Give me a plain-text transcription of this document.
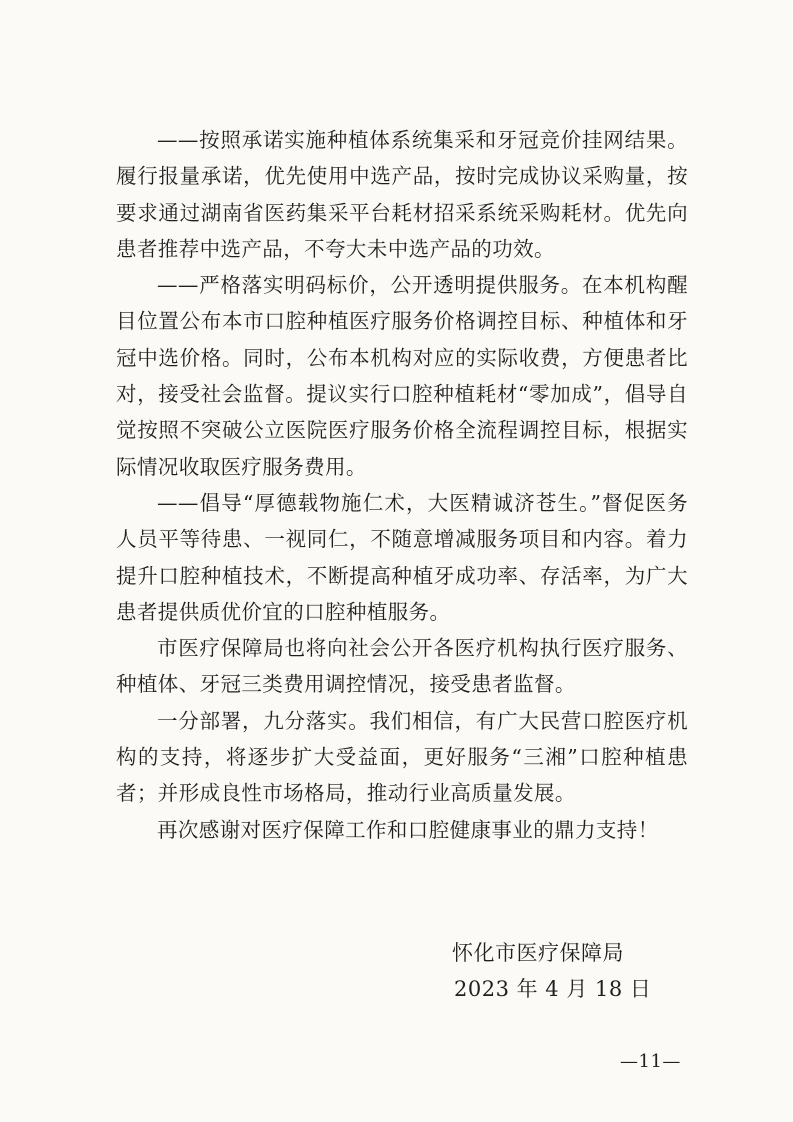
——按照承诺实施种植体系统集采和牙冠竞价挂网结果。履行报量承诺，优先使用中选产品，按时完成协议采购量，按要求通过湖南省医药集采平台耗材招采系统采购耗材。优先向患者推荐中选产品，不夸大未中选产品的功效。

——严格落实明码标价，公开透明提供服务。在本机构醒目位置公布本市口腔种植医疗服务价格调控目标、种植体和牙冠中选价格。同时，公布本机构对应的实际收费，方便患者比对，接受社会监督。提议实行口腔种植耗材“零加成”，倡导自觉按照不突破公立医院医疗服务价格全流程调控目标，根据实际情况收取医疗服务费用。

——倡导“厚德载物施仁术，大医精诚济苍生。”督促医务人员平等待患、一视同仁，不随意增减服务项目和内容。着力提升口腔种植技术，不断提高种植牙成功率、存活率，为广大患者提供质优价宜的口腔种植服务。

市医疗保障局也将向社会公开各医疗机构执行医疗服务、种植体、牙冠三类费用调控情况，接受患者监督。

一分部署，九分落实。我们相信，有广大民营口腔医疗机构的支持，将逐步扩大受益面，更好服务“三湘”口腔种植患者；并形成良性市场格局，推动行业高质量发展。

再次感谢对医疗保障工作和口腔健康事业的鼎力支持！

怀化市医疗保障局
2023 年 4 月 18 日
—11—
